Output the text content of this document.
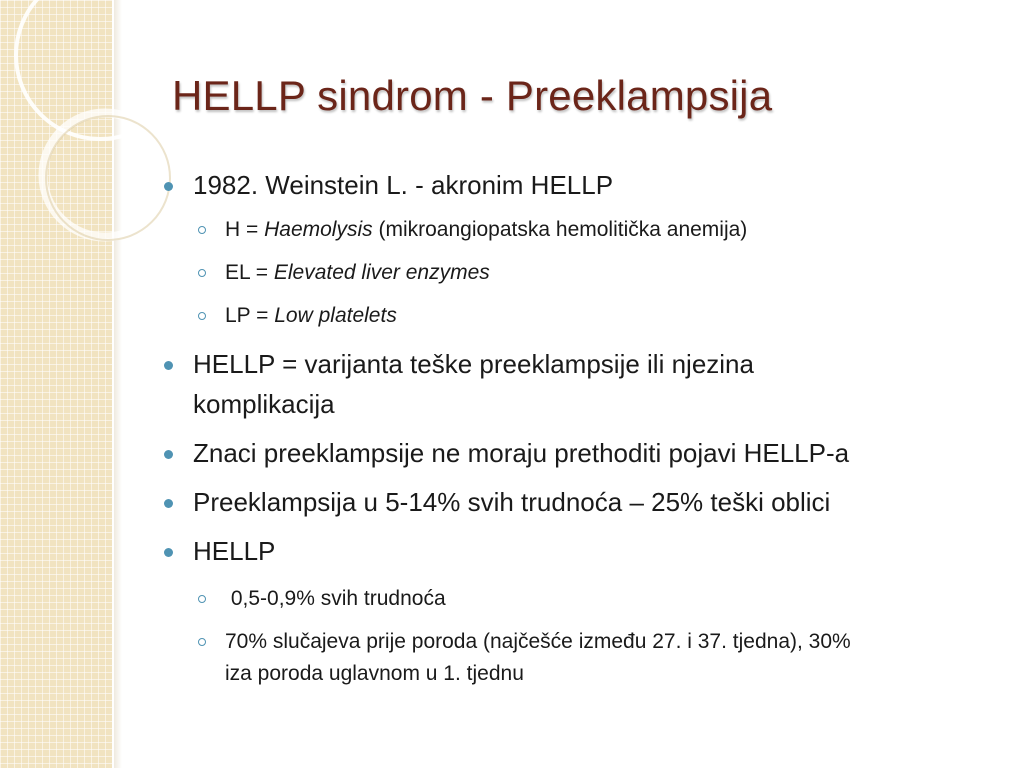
HELLP sindrom - Preeklampsija
1982. Weinstein L. - akronim HELLP
H = Haemolysis (mikroangiopatska hemolitička anemija)
EL = Elevated liver enzymes
LP = Low platelets
HELLP = varijanta teške preeklampsije ili njezina
komplikacija
Znaci preeklampsije ne moraju prethoditi pojavi HELLP-a
Preeklampsija u 5-14% svih trudnoća – 25% teški oblici
HELLP
0,5-0,9% svih trudnoća
70% slučajeva prije poroda (najčešće između 27. i 37. tjedna), 30%
iza poroda uglavnom u 1. tjednu
